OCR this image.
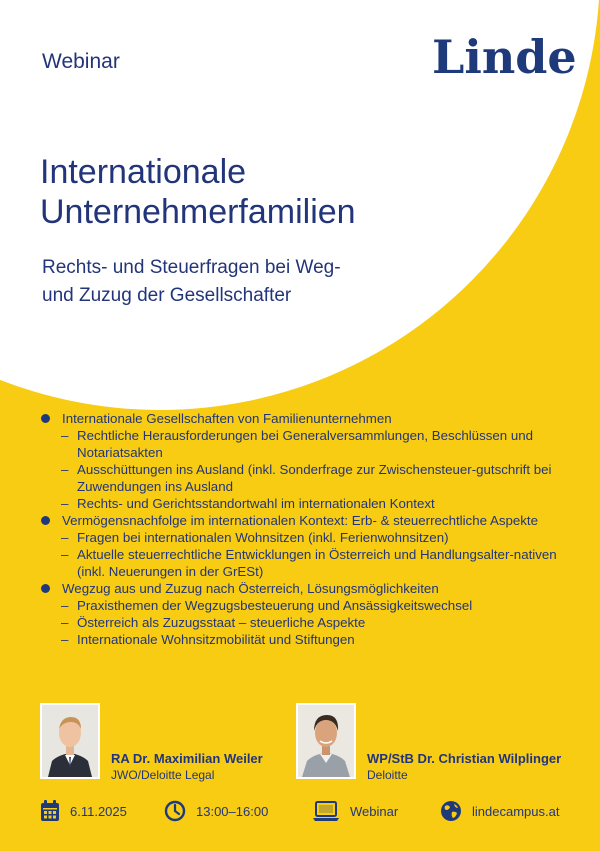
Webinar	Linde
Internationale
Unternehmerfamilien
Rechts- und Steuerfragen bei Weg-
und Zuzug der Gesellschafter
Internationale Gesellschaften von Familienunternehmen
– Rechtliche Herausforderungen bei Generalversammlungen, Beschlüssen und Notariatsakten
– Ausschüttungen ins Ausland (inkl. Sonderfrage zur Zwischensteuer-gutschrift bei Zuwendungen ins Ausland
– Rechts- und Gerichtsstandortwahl im internationalen Kontext
Vermögensnachfolge im internationalen Kontext: Erb- & steuerrechtliche Aspekte
– Fragen bei internationalen Wohnsitzen (inkl. Ferienwohnsitzen)
– Aktuelle steuerrechtliche Entwicklungen in Österreich und Handlungsalter-nativen (inkl. Neuerungen in der GrESt)
Wegzug aus und Zuzug nach Österreich, Lösungsmöglichkeiten
– Praxisthemen der Wegzugsbesteuerung und Ansässigkeitswechsel
– Österreich als Zuzugsstaat – steuerliche Aspekte
– Internationale Wohnsitzmobilität und Stiftungen
RA Dr. Maximilian Weiler
JWO/Deloitte Legal
WP/StB Dr. Christian Wilplinger
Deloitte
6.11.2025	13:00–16:00	Webinar	lindecampus.at
